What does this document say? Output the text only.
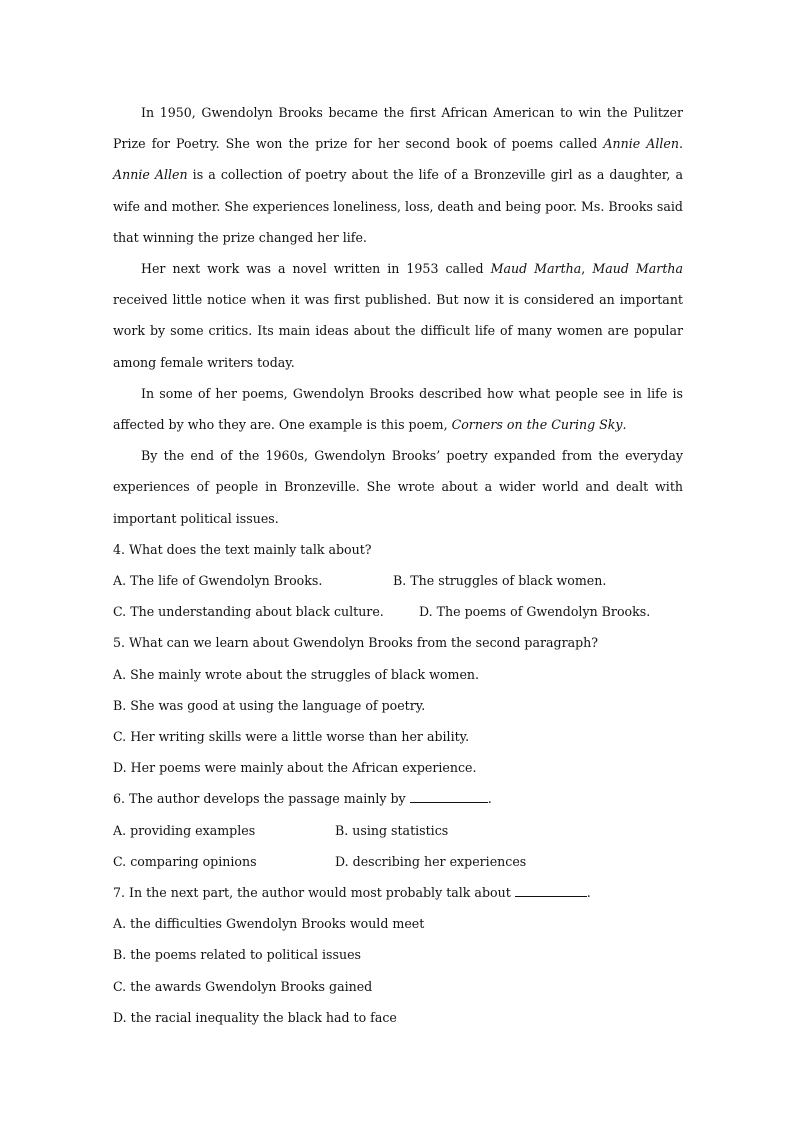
In 1950, Gwendolyn Brooks became the first African American to win the Pulitzer Prize for Poetry. She won the prize for her second book of poems called Annie Allen. Annie Allen is a collection of poetry about the life of a Bronzeville girl as a daughter, a wife and mother. She experiences loneliness, loss, death and being poor. Ms. Brooks said that winning the prize changed her life.

Her next work was a novel written in 1953 called Maud Martha, Maud Martha received little notice when it was first published. But now it is considered an important work by some critics. Its main ideas about the difficult life of many women are popular among female writers today.

In some of her poems, Gwendolyn Brooks described how what people see in life is affected by who they are. One example is this poem, Corners on the Curing Sky.

By the end of the 1960s, Gwendolyn Brooks’ poetry expanded from the everyday experiences of people in Bronzeville. She wrote about a wider world and dealt with important political issues.

4. What does the text mainly talk about?

A. The life of Gwendolyn Brooks.	B. The struggles of black women.
C. The understanding about black culture.	D. The poems of Gwendolyn Brooks.

5. What can we learn about Gwendolyn Brooks from the second paragraph?

A. She mainly wrote about the struggles of black women.

B. She was good at using the language of poetry.

C. Her writing skills were a little worse than her ability.

D. Her poems were mainly about the African experience.

6. The author develops the passage mainly by	.

A. providing examples	B. using statistics
C. comparing opinions	D. describing her experiences

7. In the next part, the author would most probably talk about	.

A. the difficulties Gwendolyn Brooks would meet

B. the poems related to political issues

C. the awards Gwendolyn Brooks gained

D. the racial inequality the black had to face
